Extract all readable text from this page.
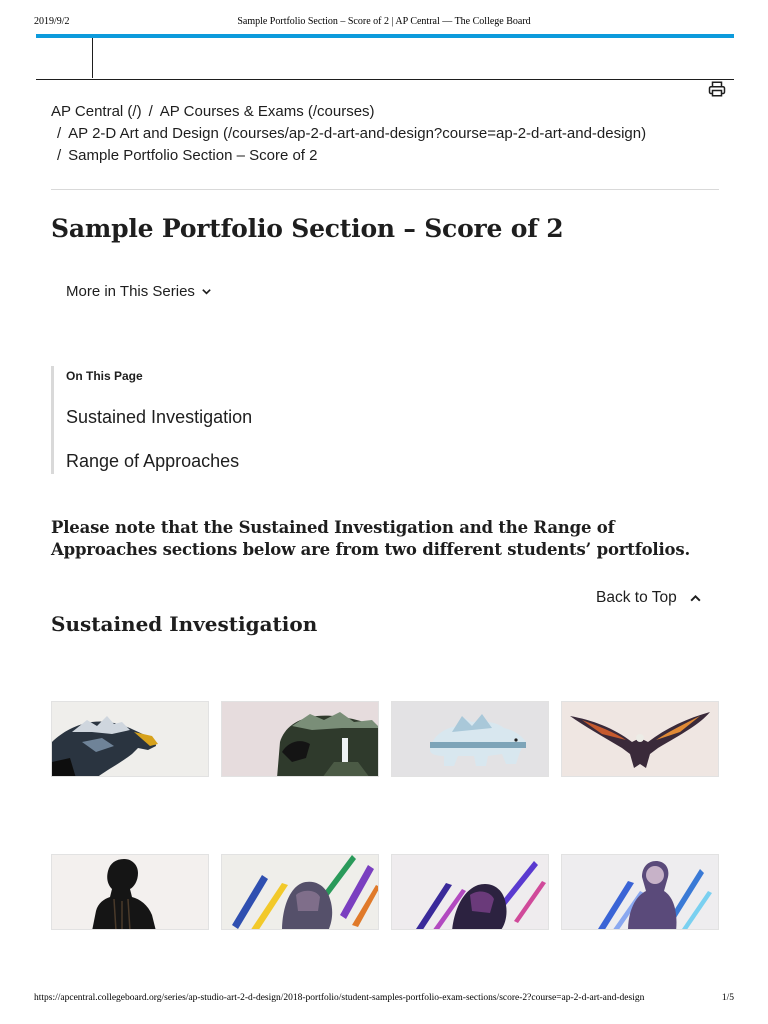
2019/9/2	Sample Portfolio Section – Score of 2 | AP Central — The College Board
AP Central (/) / AP Courses & Exams (/courses)
/ AP 2-D Art and Design (/courses/ap-2-d-art-and-design?course=ap-2-d-art-and-design)
/ Sample Portfolio Section – Score of 2
Sample Portfolio Section – Score of 2
More in This Series
On This Page
Sustained Investigation
Range of Approaches

Please note that the Sustained Investigation and the Range of Approaches sections below are from two different students’ portfolios.

Back to Top
Sustained Investigation
https://apcentral.collegeboard.org/series/ap-studio-art-2-d-design/2018-portfolio/student-samples-portfolio-exam-sections/score-2?course=ap-2-d-art-and-design	1/5
